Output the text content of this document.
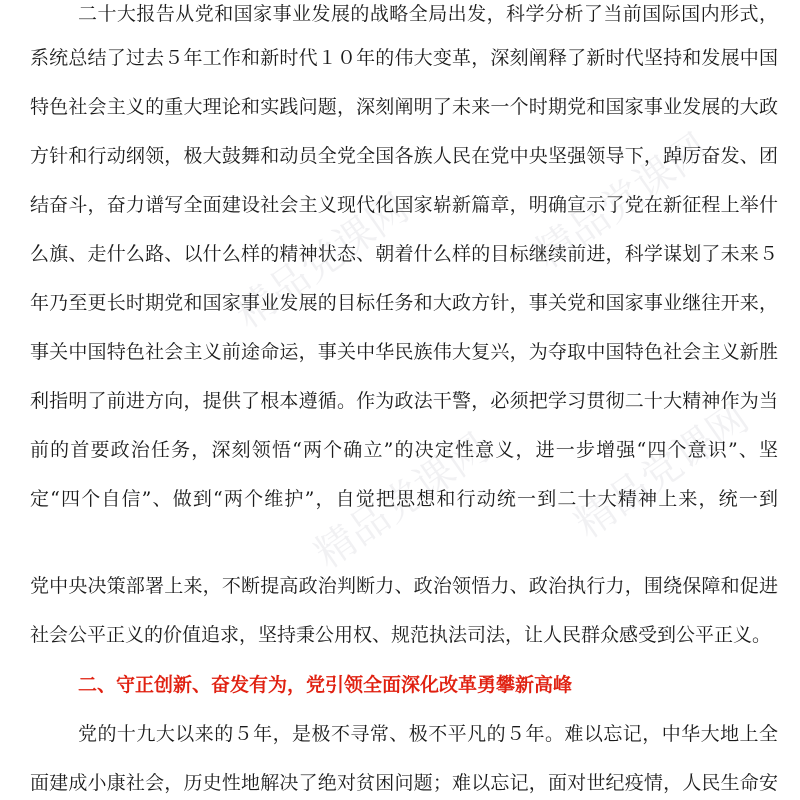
精品党课网	精品党课网
精品党课网 精品党课网
二十大报告从党和国家事业发展的战略全局出发，科学分析了当前国际国内形式，
系统总结了过去５年工作和新时代１０年的伟大变革，深刻阐释了新时代坚持和发展中国
特色社会主义的重大理论和实践问题，深刻阐明了未来一个时期党和国家事业发展的大政
方针和行动纲领，极大鼓舞和动员全党全国各族人民在党中央坚强领导下，踔厉奋发、团
结奋斗，奋力谱写全面建设社会主义现代化国家崭新篇章，明确宣示了党在新征程上举什
么旗、走什么路、以什么样的精神状态、朝着什么样的目标继续前进，科学谋划了未来５
年乃至更长时期党和国家事业发展的目标任务和大政方针，事关党和国家事业继往开来，
事关中国特色社会主义前途命运，事关中华民族伟大复兴，为夺取中国特色社会主义新胜
利指明了前进方向，提供了根本遵循。作为政法干警，必须把学习贯彻二十大精神作为当
前的首要政治任务，深刻领悟“两个确立”的决定性意义，进一步增强“四个意识”、坚
定“四个自信”、做到“两个维护”，自觉把思想和行动统一到二十大精神上来，统一到
党中央决策部署上来，不断提高政治判断力、政治领悟力、政治执行力，围绕保障和促进
社会公平正义的价值追求，坚持秉公用权、规范执法司法，让人民群众感受到公平正义。
二、守正创新、奋发有为，党引领全面深化改革勇攀新高峰
党的十九大以来的５年，是极不寻常、极不平凡的５年。难以忘记，中华大地上全
面建成小康社会，历史性地解决了绝对贫困问题；难以忘记，面对世纪疫情，人民生命安
